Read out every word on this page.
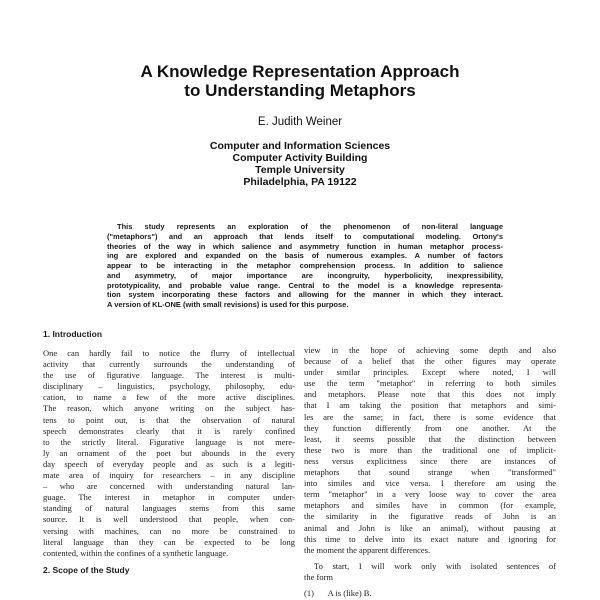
A Knowledge Representation Approach
to Understanding Metaphors
E. Judith Weiner
Computer and Information Sciences
Computer Activity Building
Temple University
Philadelphia, PA 19122
This study represents an exploration of the phenomenon of non-literal language
("metaphors") and an approach that lends itself to computational modeling. Ortony's
theories of the way in which salience and asymmetry function in human metaphor process-
ing are explored and expanded on the basis of numerous examples. A number of factors
appear to be interacting in the metaphor comprehension process. In addition to salience
and asymmetry, of major importance are incongruity, hyperbolicity, inexpressibility,
prototypicality, and probable value range. Central to the model is a knowledge representa-
tion system incorporating these factors and allowing for the manner in which they interact.
A version of KL-ONE (with small revisions) is used for this purpose.
1. Introduction
One can hardly fail to notice the flurry of intellectual
activity that currently surrounds the understanding of
the use of figurative language. The interest is multi-
disciplinary – linguistics, psychology, philosophy, edu-
cation, to name a few of the more active disciplines.
The reason, which anyone writing on the subject has-
tens to point out, is that the observation of natural
speech demonstrates clearly that it is rarely confined
to the strictly literal. Figurative language is not mere-
ly an ornament of the poet but abounds in the every
day speech of everyday people and as such is a legiti-
mate area of inquiry for researchers – in any discipline
– who are concerned with understanding natural lan-
guage. The interest in metaphor in computer under-
standing of natural languages stems from this same
source. It is well understood that people, when con-
versing with machines, can no more be constrained to
literal language than they can be expected to be long
contented, within the confines of a synthetic language.
2. Scope of the Study
view in the hope of achieving some depth and also
because of a belief that the other figures may operate
under similar principles. Except where noted, I will
use the term "metaphor" in referring to both similes
and metaphors. Please note that this does not imply
that I am taking the position that metaphors and simi-
les are the same; in fact, there is some evidence that
they function differently from one another. At the
least, it seems possible that the distinction between
these two is more than the traditional one of implicit-
ness versus explicitness since there are instances of
metaphors that sound strange when "transformed"
into similes and vice versa. I therefore am using the
term "metaphor" in a very loose way to cover the area
metaphors and similes have in common (for example,
the similarity in the figurative reads of John is an
animal and John is like an animal), without pausing at
this time to delve into its exact nature and ignoring for
the moment the apparent differences.
To start, I will work only with isolated sentences of
the form
(1) A is (like) B.
